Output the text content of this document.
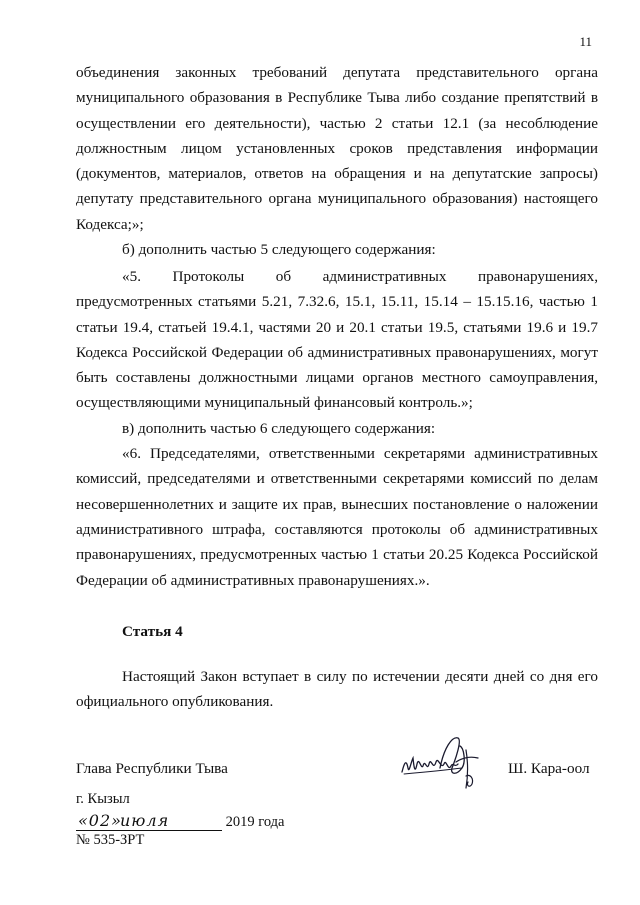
11

объединения законных требований депутата представительного органа муниципального образования в Республике Тыва либо создание препятствий в осуществлении его деятельности), частью 2 статьи 12.1 (за несоблюдение должностным лицом установленных сроков представления информации (документов, материалов, ответов на обращения и на депутатские запросы) депутату представительного органа муниципального образования) настоящего Кодекса;»;

б) дополнить частью 5 следующего содержания:

«5. Протоколы об административных правонарушениях, предусмотренных статьями 5.21, 7.32.6, 15.1, 15.11, 15.14 – 15.15.16, частью 1 статьи 19.4, статьей 19.4.1, частями 20 и 20.1 статьи 19.5, статьями 19.6 и 19.7 Кодекса Российской Федерации об административных правонарушениях, могут быть составлены должностными лицами органов местного самоуправления, осуществляющими муниципальный финансовый контроль.»;

в) дополнить частью 6 следующего содержания:

«6. Председателями, ответственными секретарями административных комиссий, председателями и ответственными секретарями комиссий по делам несовершеннолетних и защите их прав, вынесших постановление о наложении административного штрафа, составляются протоколы об административных правонарушениях, предусмотренных частью 1 статьи 20.25 Кодекса Российской Федерации об административных правонарушениях.».

Статья 4

Настоящий Закон вступает в силу по истечении десяти дней со дня его официального опубликования.

Глава Республики Тыва	Ш. Кара-оол
г. Кызыл
«02»
июля	2019 года
№ 535-ЗРТ
